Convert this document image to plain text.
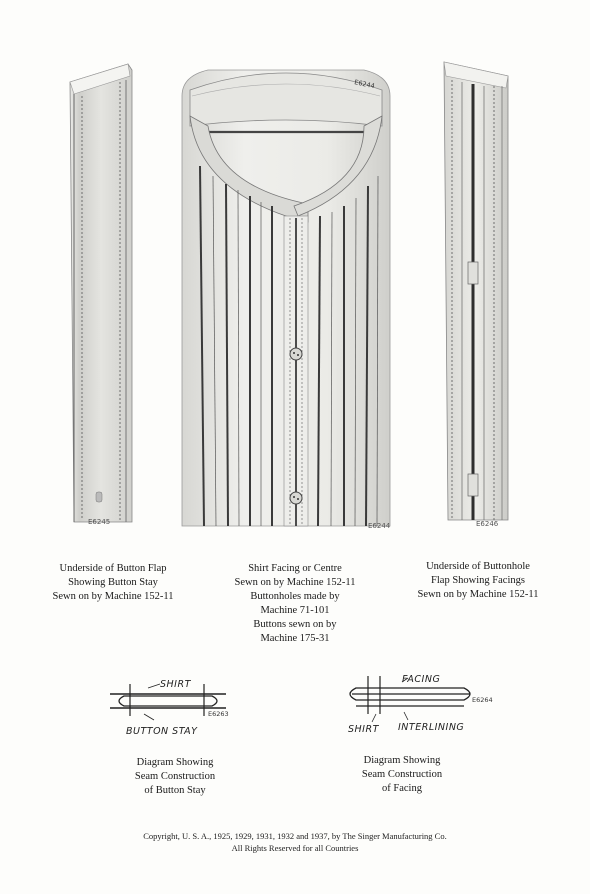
E6245
E6244
E6244	E6246
Underside of Button Flap
Showing Button Stay
Sewn on by Machine 152-11
Shirt Facing or Centre
Sewn on by Machine 152-11
Buttonholes made by
Machine 71-101
Buttons sewn on by
Machine 175-31
Underside of Buttonhole
Flap Showing Facings
Sewn on by Machine 152-11
SHIRT
BUTTON STAY
E6263
Diagram Showing
Seam Construction
of Button Stay
FACING
SHIRT INTERLINING
E6264
Diagram Showing
Seam Construction
of Facing
Copyright, U. S. A., 1925, 1929, 1931, 1932 and 1937, by The Singer Manufacturing Co.
All Rights Reserved for all Countries
